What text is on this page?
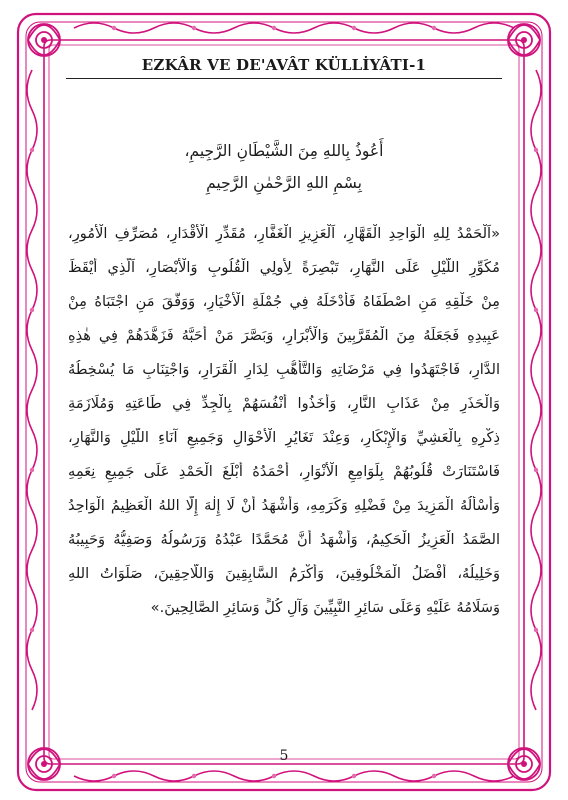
EZKÂR VE DE'AVÂT KÜLLİYÂTI-1
أَعُوذُ بِاللهِ مِنَ الشَّيْطَانِ الرَّجِيمِ،
بِسْمِ اللهِ الرَّحْمٰنِ الرَّحِيمِ
«اَلْحَمْدُ لِلهِ الْوَاحِدِ الْقَهَّارِ، اَلْعَزِيزِ الْغَفَّارِ، مُقَدِّرِ الْأَقْدَارِ، مُصَرِّفِ الْأُمُورِ،
مُكَوِّرِ اللَّيْلِ عَلَى النَّهَارِ، تَبْصِرَةً لِأُولِي الْقُلُوبِ وَالْأَبْصَارِ، اَلَّذِي أَيْقَظَ
مِنْ خَلْقِهِ مَنِ اصْطَفَاهُ فَأَدْخَلَهُ فِي جُمْلَةِ الْأَخْيَارِ، وَوَفَّقَ مَنِ اجْتَبَاهُ مِنْ
عَبِيدِهِ فَجَعَلَهُ مِنَ الْمُقَرَّبِينَ وَالْأَبْرَارِ، وَبَصَّرَ مَنْ أَحَبَّهُ فَزَهَّدَهُمْ فِي هٰذِهِ
الدَّارِ، فَاجْتَهَدُوا فِي مَرْضَاتِهِ وَالتَّأَهُّبِ لِدَارِ الْقَرَارِ، وَاجْتِنَابِ مَا يُسْخِطُهُ
وَالْحَذَرِ مِنْ عَذَابِ النَّارِ، وَأَخَذُوا أَنْفُسَهُمْ بِالْجِدِّ فِي طَاعَتِهِ وَمُلَازَمَةِ
ذِكْرِهِ بِالْعَشِيِّ وَالْإِبْكَارِ، وَعِنْدَ تَغَايُرِ الْأَحْوَالِ وَجَمِيعِ آنَاءِ اللَّيْلِ وَالنَّهَارِ،
فَاسْتَنَارَتْ قُلُوبُهُمْ بِلَوَامِعِ الْأَنْوَارِ، أَحْمَدُهُ أَبْلَغَ الْحَمْدِ عَلَى جَمِيعِ نِعَمِهِ
وَأَسْأَلُهُ الْمَزِيدَ مِنْ فَضْلِهِ وَكَرَمِهِ، وَأَشْهَدُ أَنْ لَا إِلٰهَ إِلَّا اللهُ الْعَظِيمُ الْوَاحِدُ
الصَّمَدُ الْعَزِيزُ الْحَكِيمُ، وَأَشْهَدُ أَنَّ مُحَمَّدًا عَبْدُهُ وَرَسُولُهُ وَصَفِيُّهُ وَحَبِيبُهُ
وَخَلِيلُهُ، أَفْضَلُ الْمَخْلُوقِينَ، وَأَكْرَمُ السَّابِقِينَ وَاللَّاحِقِينَ، صَلَوَاتُ اللهِ
وَسَلَامُهُ عَلَيْهِ وَعَلَى سَائِرِ النَّبِيِّينَ وَآلِ كُلٍّ وَسَائِرِ الصَّالِحِينَ.»
5
